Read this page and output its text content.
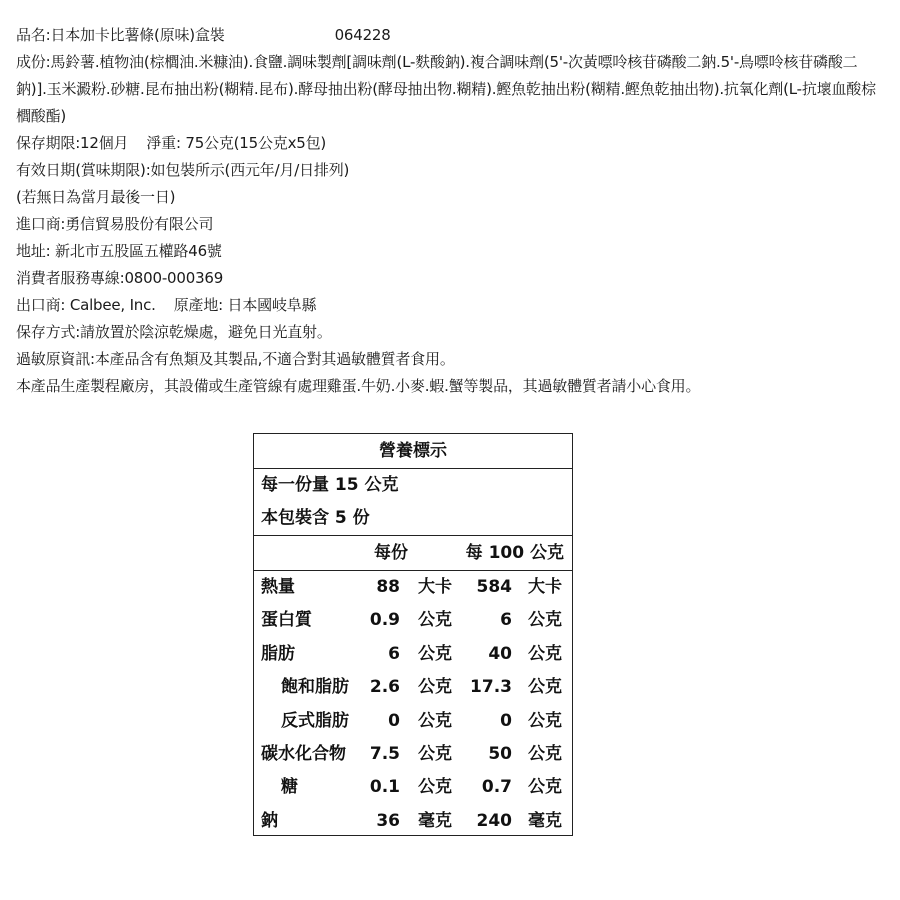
品名:日本加卡比薯條(原味)盒裝	064228

成份:馬鈴薯.植物油(棕櫚油.米糠油).食鹽.調味製劑[調味劑(L-麩酸鈉).複合調味劑(5'-次黃嘌呤核苷磷酸二鈉.5'-鳥嘌呤核苷磷酸二鈉)].玉米澱粉.砂糖.昆布抽出粉(糊精.昆布).酵母抽出粉(酵母抽出物.糊精).鰹魚乾抽出粉(糊精.鰹魚乾抽出物).抗氧化劑(L-抗壞血酸棕櫚酸酯)

保存期限:12個月 淨重: 75公克(15公克x5包)

有效日期(賞味期限):如包裝所示(西元年/月/日排列)

(若無日為當月最後一日)

進口商:勇信貿易股份有限公司

地址: 新北市五股區五權路46號

消費者服務專線:0800-000369

出口商: Calbee, Inc. 原產地: 日本國岐阜縣

保存方式:請放置於陰涼乾燥處，避免日光直射。

過敏原資訊:本產品含有魚類及其製品,不適合對其過敏體質者食用。

本產品生產製程廠房，其設備或生產管線有處理雞蛋.牛奶.小麥.蝦.蟹等製品，其過敏體質者請小心食用。

營養標示
每一份量 15 公克
本包裝含 5 份
每份	每 100 公克
熱量	88 大卡 584 大卡
蛋白質	0.9 公克	6 公克
脂肪	6 公克 40 公克
飽和脂肪 2.6 公克 17.3 公克
反式脂肪 0 公克	0 公克
碳水化合物 7.5 公克 50 公克
糖	0.1 公克 0.7 公克
鈉	36 毫克 240 毫克
